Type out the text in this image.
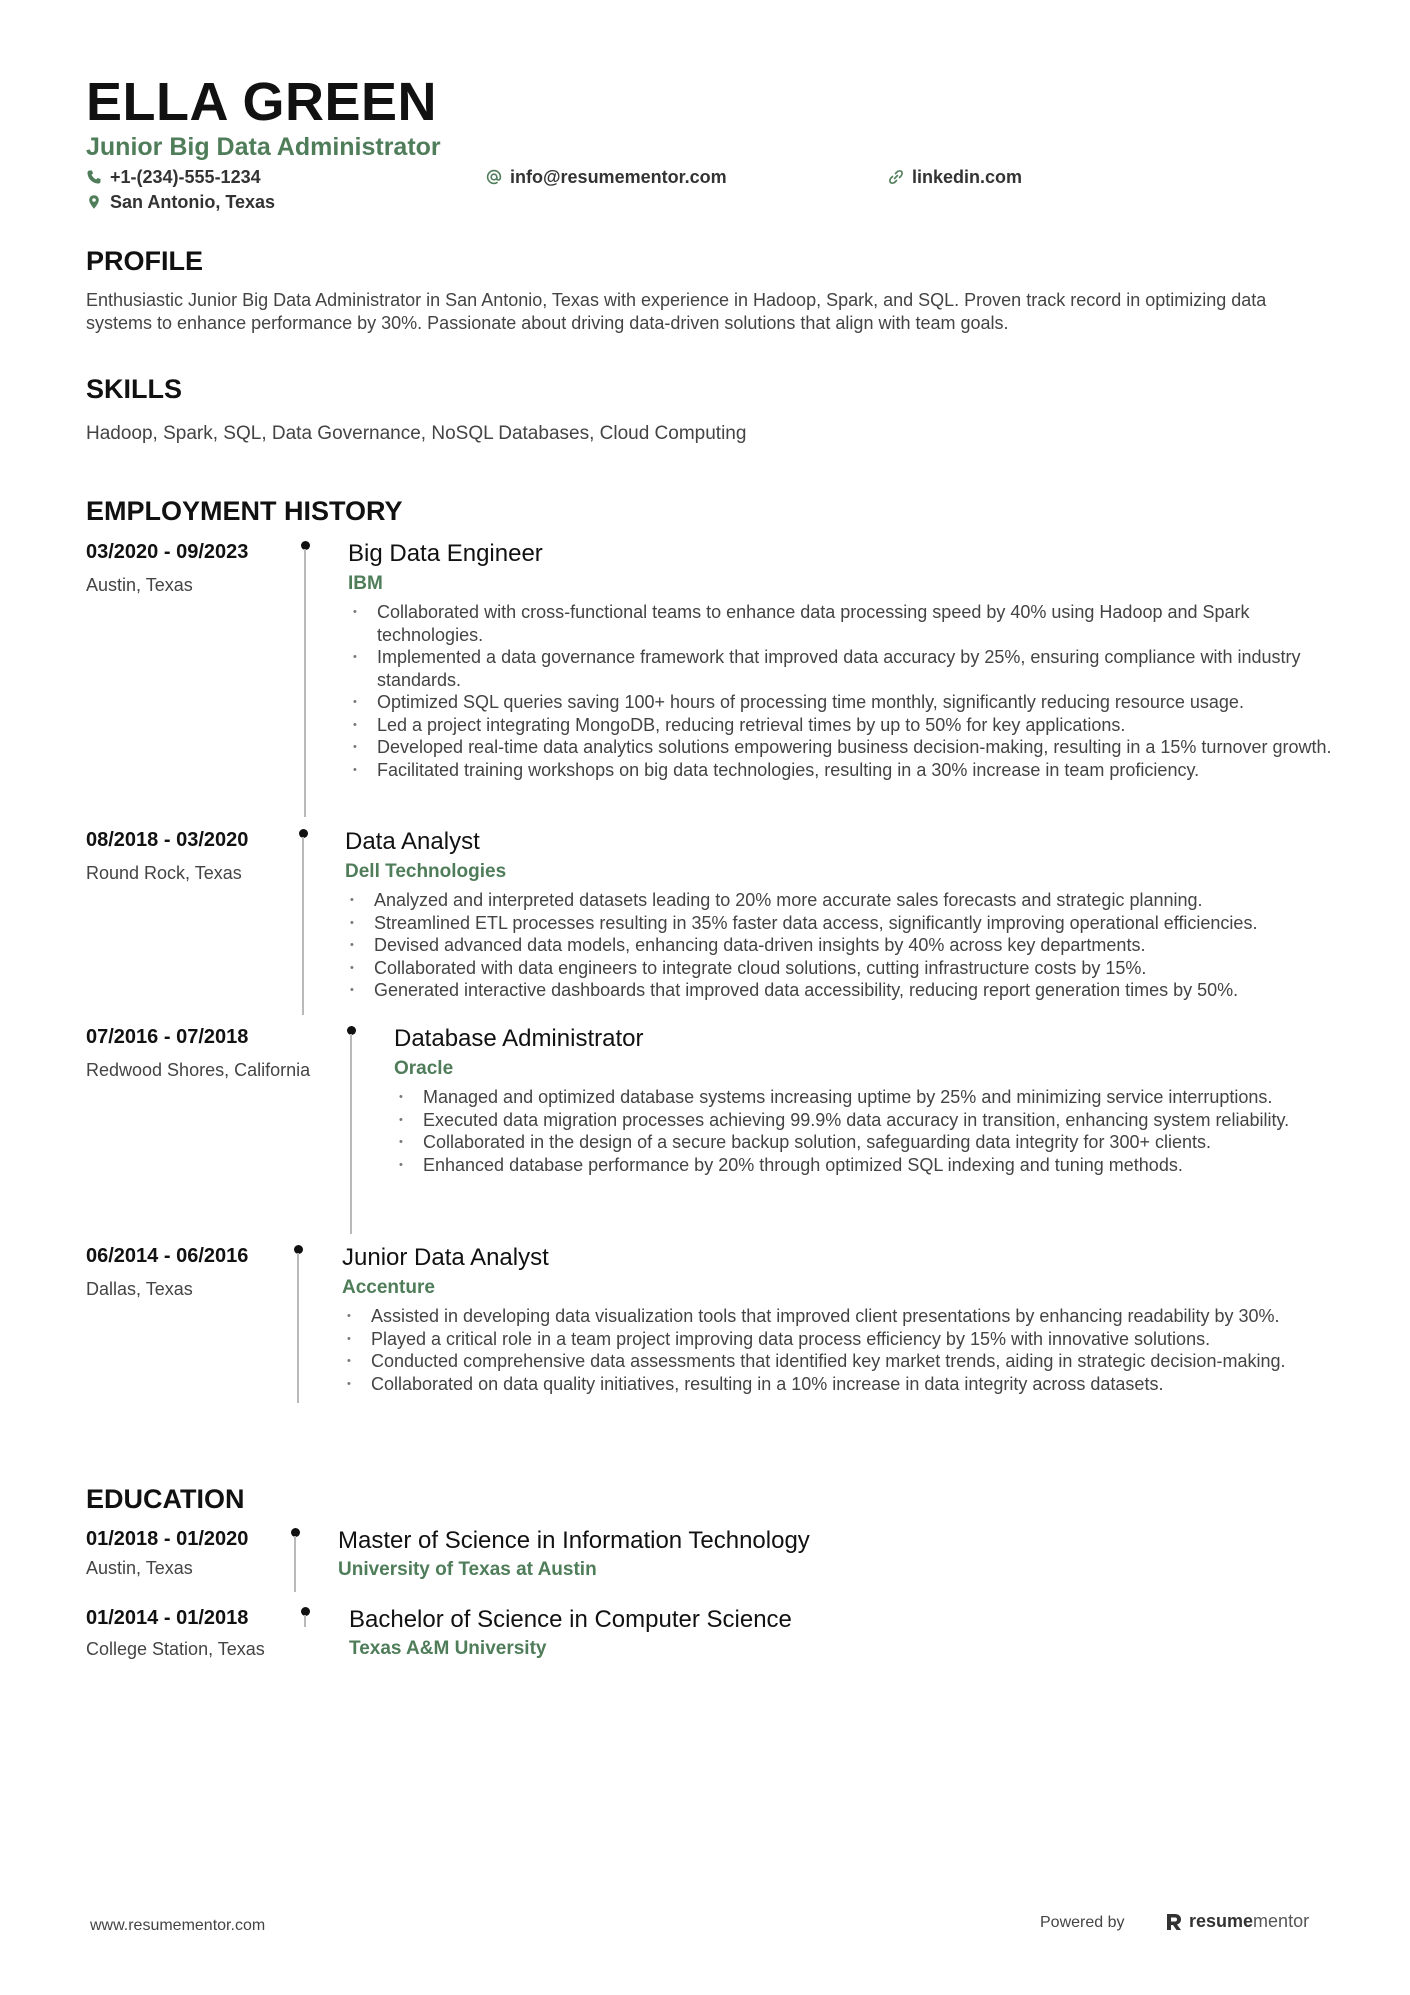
ELLA GREEN
Junior Big Data Administrator
+1-(234)-555-1234	info@resumementor.com	linkedin.com
San Antonio, Texas
PROFILE

Enthusiastic Junior Big Data Administrator in San Antonio, Texas with experience in Hadoop, Spark, and SQL. Proven track record in optimizing data systems to enhance performance by 30%. Passionate about driving data-driven solutions that align with team goals.

SKILLS

Hadoop, Spark, SQL, Data Governance, NoSQL Databases, Cloud Computing

EMPLOYMENT HISTORY
03/2020 - 09/2023
Austin, Texas
Big Data Engineer
IBM
• Collaborated with cross-functional teams to enhance data processing speed by 40% using Hadoop and Spark technologies.
• Implemented a data governance framework that improved data accuracy by 25%, ensuring compliance with industry standards.
• Optimized SQL queries saving 100+ hours of processing time monthly, significantly reducing resource usage.
• Led a project integrating MongoDB, reducing retrieval times by up to 50% for key applications.
• Developed real-time data analytics solutions empowering business decision-making, resulting in a 15% turnover growth.
• Facilitated training workshops on big data technologies, resulting in a 30% increase in team proficiency.
08/2018 - 03/2020
Round Rock, Texas
Data Analyst
Dell Technologies
• Analyzed and interpreted datasets leading to 20% more accurate sales forecasts and strategic planning.
• Streamlined ETL processes resulting in 35% faster data access, significantly improving operational efficiencies.
• Devised advanced data models, enhancing data-driven insights by 40% across key departments.
• Collaborated with data engineers to integrate cloud solutions, cutting infrastructure costs by 15%.
• Generated interactive dashboards that improved data accessibility, reducing report generation times by 50%.
07/2016 - 07/2018
Redwood Shores, California
Database Administrator
Oracle
• Managed and optimized database systems increasing uptime by 25% and minimizing service interruptions.
• Executed data migration processes achieving 99.9% data accuracy in transition, enhancing system reliability.
• Collaborated in the design of a secure backup solution, safeguarding data integrity for 300+ clients.
• Enhanced database performance by 20% through optimized SQL indexing and tuning methods.
06/2014 - 06/2016
Dallas, Texas
Junior Data Analyst
Accenture
• Assisted in developing data visualization tools that improved client presentations by enhancing readability by 30%.
• Played a critical role in a team project improving data process efficiency by 15% with innovative solutions.
• Conducted comprehensive data assessments that identified key market trends, aiding in strategic decision-making.
• Collaborated on data quality initiatives, resulting in a 10% increase in data integrity across datasets.
EDUCATION
01/2018 - 01/2020
Austin, Texas
Master of Science in Information Technology
University of Texas at Austin
01/2014 - 01/2018
College Station, Texas
Bachelor of Science in Computer Science
Texas A&M University
www.resumementor.com	Powered by	resume mentor
